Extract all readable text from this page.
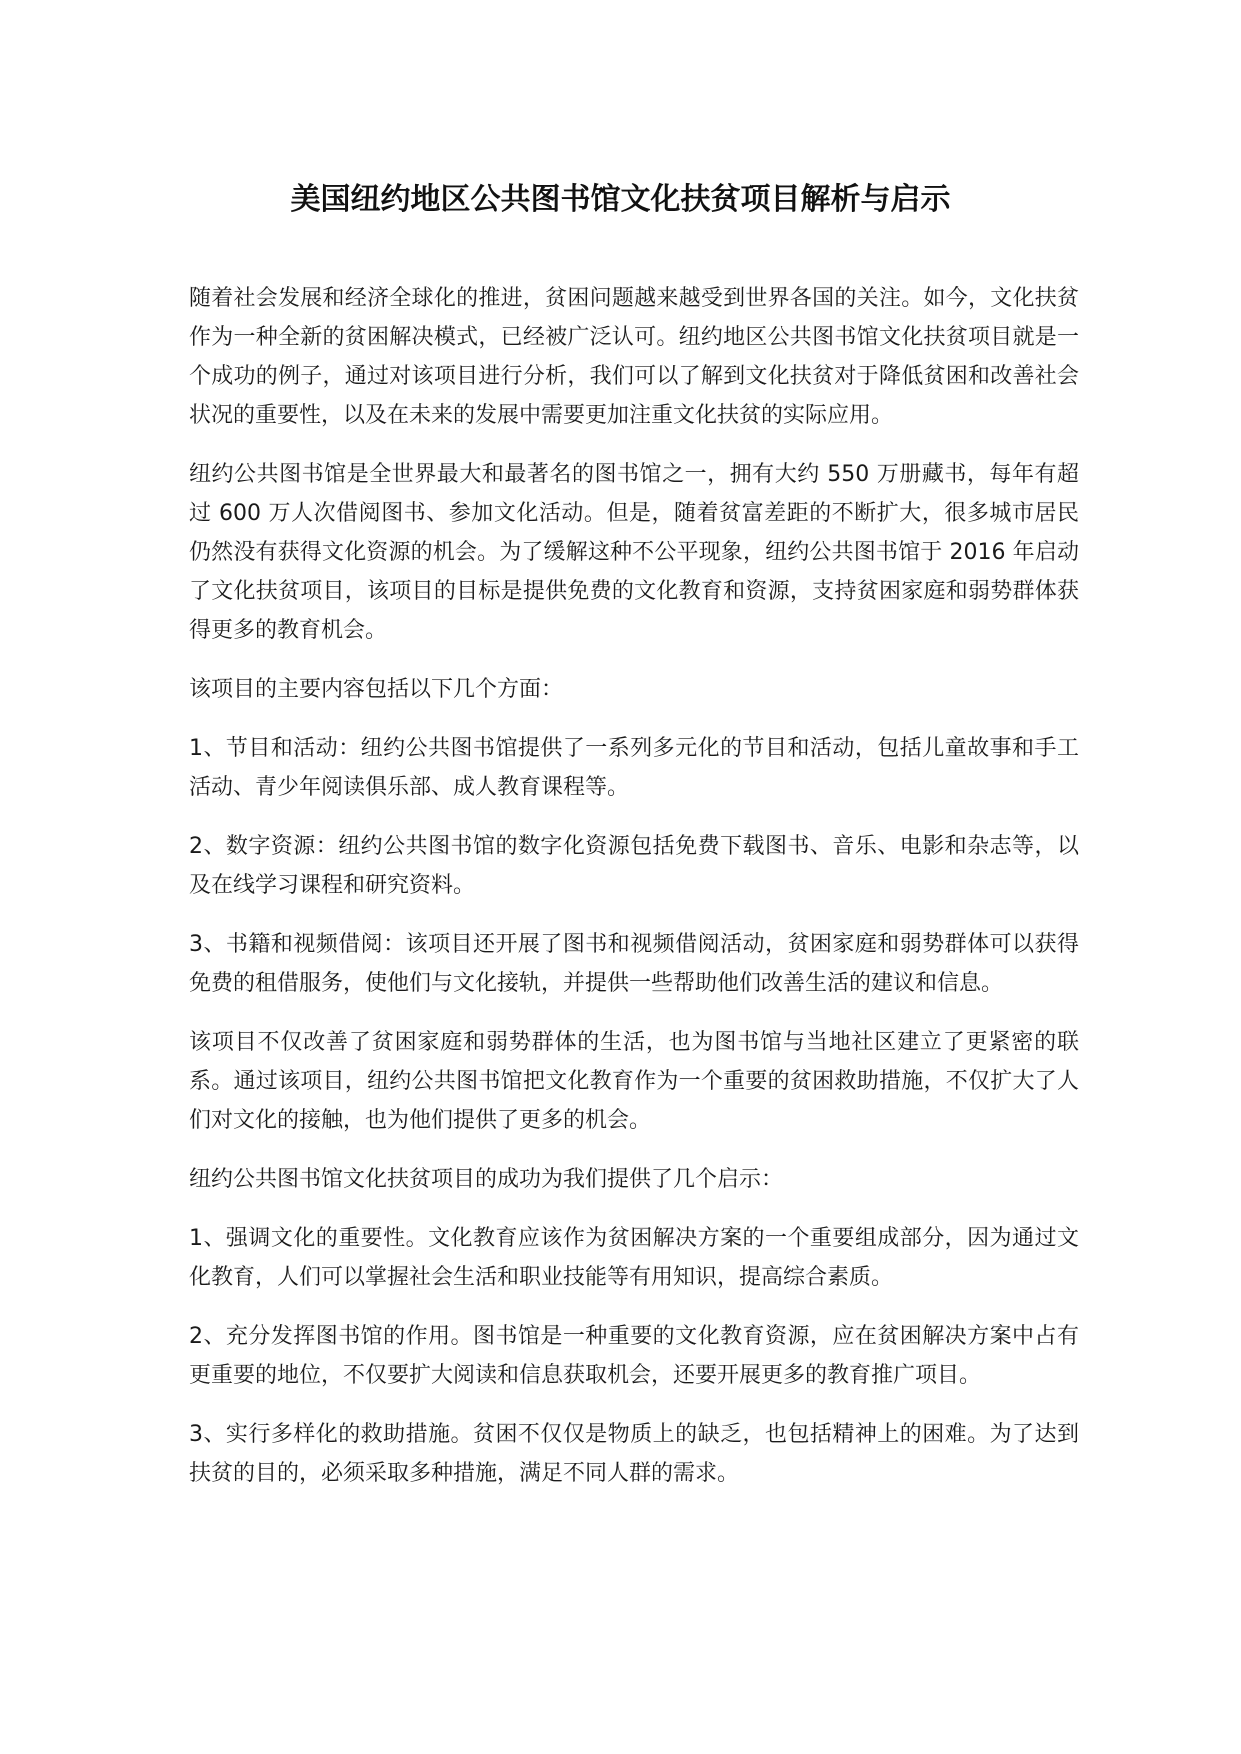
美国纽约地区公共图书馆文化扶贫项目解析与启示

随着社会发展和经济全球化的推进，贫困问题越来越受到世界各国的关注。如今，文化扶贫作为一种全新的贫困解决模式，已经被广泛认可。纽约地区公共图书馆文化扶贫项目就是一个成功的例子，通过对该项目进行分析，我们可以了解到文化扶贫对于降低贫困和改善社会状况的重要性，以及在未来的发展中需要更加注重文化扶贫的实际应用。

纽约公共图书馆是全世界最大和最著名的图书馆之一，拥有大约 550 万册藏书，每年有超过 600 万人次借阅图书、参加文化活动。但是，随着贫富差距的不断扩大，很多城市居民仍然没有获得文化资源的机会。为了缓解这种不公平现象，纽约公共图书馆于 2016 年启动了文化扶贫项目，该项目的目标是提供免费的文化教育和资源，支持贫困家庭和弱势群体获得更多的教育机会。

该项目的主要内容包括以下几个方面：

1、节目和活动：纽约公共图书馆提供了一系列多元化的节目和活动，包括儿童故事和手工活动、青少年阅读俱乐部、成人教育课程等。

2、数字资源：纽约公共图书馆的数字化资源包括免费下载图书、音乐、电影和杂志等，以及在线学习课程和研究资料。

3、书籍和视频借阅：该项目还开展了图书和视频借阅活动，贫困家庭和弱势群体可以获得免费的租借服务，使他们与文化接轨，并提供一些帮助他们改善生活的建议和信息。

该项目不仅改善了贫困家庭和弱势群体的生活，也为图书馆与当地社区建立了更紧密的联系。通过该项目，纽约公共图书馆把文化教育作为一个重要的贫困救助措施，不仅扩大了人们对文化的接触，也为他们提供了更多的机会。

纽约公共图书馆文化扶贫项目的成功为我们提供了几个启示：

1、强调文化的重要性。文化教育应该作为贫困解决方案的一个重要组成部分，因为通过文化教育，人们可以掌握社会生活和职业技能等有用知识，提高综合素质。

2、充分发挥图书馆的作用。图书馆是一种重要的文化教育资源，应在贫困解决方案中占有更重要的地位，不仅要扩大阅读和信息获取机会，还要开展更多的教育推广项目。

3、实行多样化的救助措施。贫困不仅仅是物质上的缺乏，也包括精神上的困难。为了达到扶贫的目的，必须采取多种措施，满足不同人群的需求。
